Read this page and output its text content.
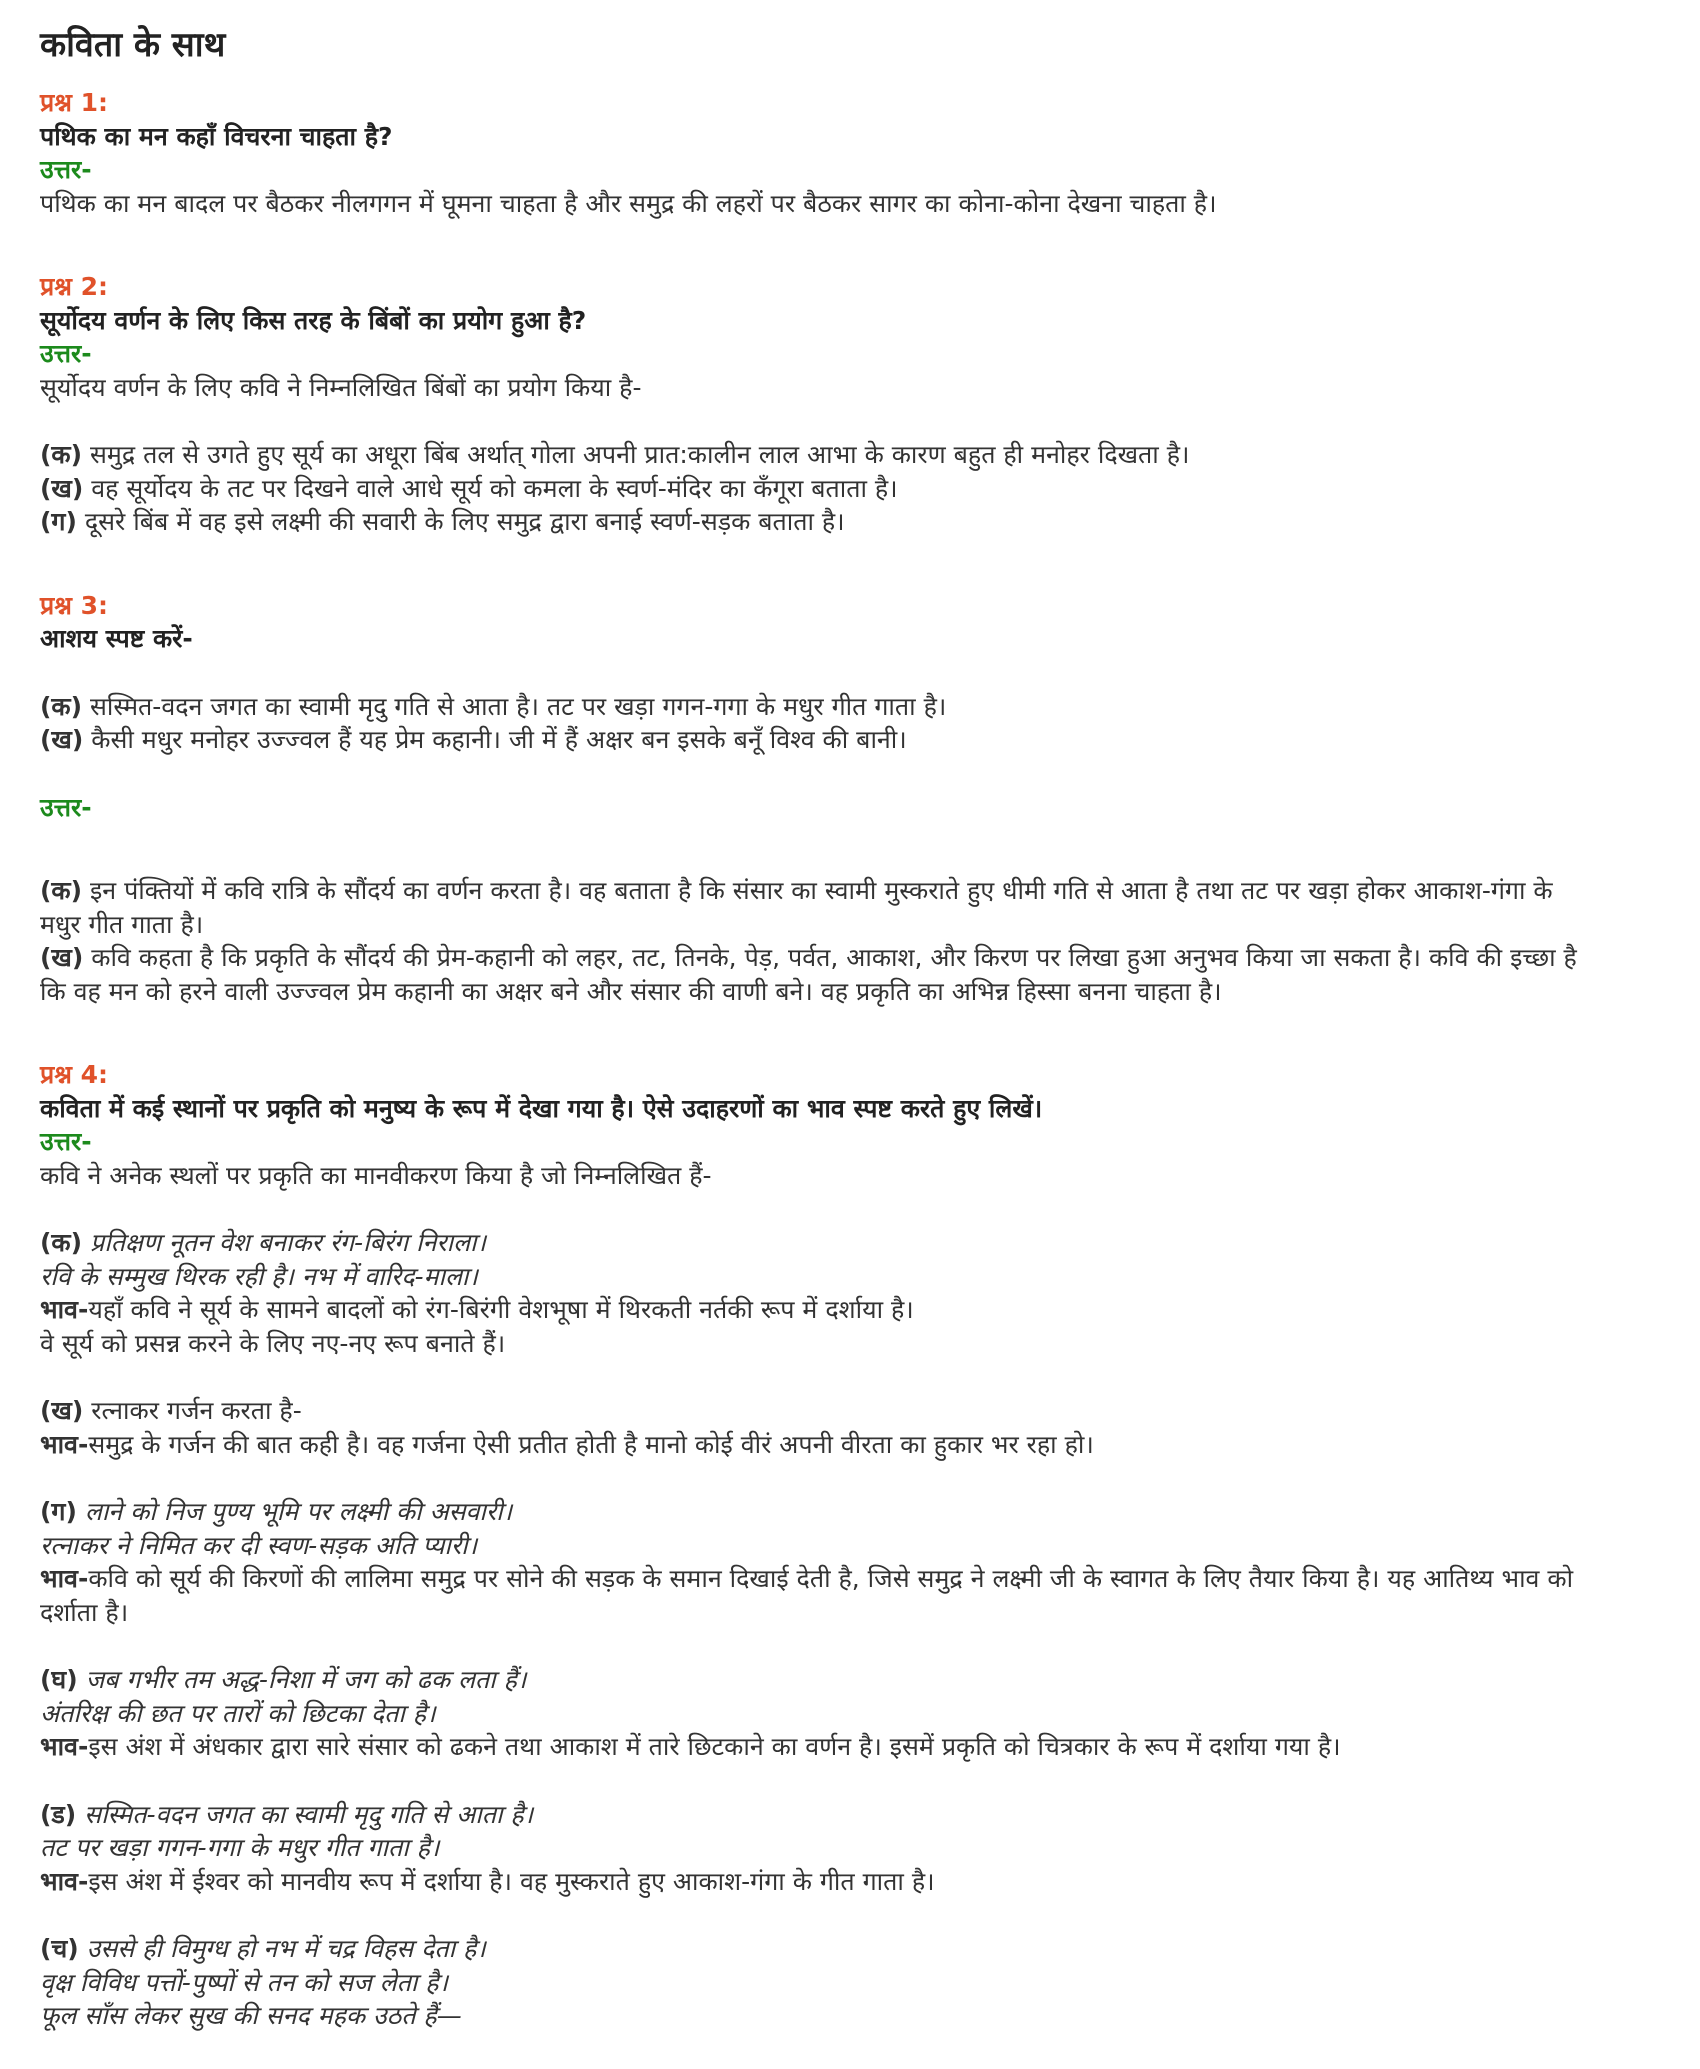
कविता के साथ
प्रश्न 1:
पथिक का मन कहाँ विचरना चाहता है?
उत्तर-
पथिक का मन बादल पर बैठकर नीलगगन में घूमना चाहता है और समुद्र की लहरों पर बैठकर सागर का कोना-कोना देखना चाहता है।
प्रश्न 2:
सूर्योदय वर्णन के लिए किस तरह के बिंबों का प्रयोग हुआ है?
उत्तर-
सूर्योदय वर्णन के लिए कवि ने निम्नलिखित बिंबों का प्रयोग किया है-
(क) समुद्र तल से उगते हुए सूर्य का अधूरा बिंब अर्थात् गोला अपनी प्रात:कालीन लाल आभा के कारण बहुत ही मनोहर दिखता है।
(ख) वह सूर्योदय के तट पर दिखने वाले आधे सूर्य को कमला के स्वर्ण-मंदिर का कँगूरा बताता है।
(ग) दूसरे बिंब में वह इसे लक्ष्मी की सवारी के लिए समुद्र द्वारा बनाई स्वर्ण-सड़क बताता है।
प्रश्न 3:
आशय स्पष्ट करें-
(क) सस्मित-वदन जगत का स्वामी मृदु गति से आता है। तट पर खड़ा गगन-गगा के मधुर गीत गाता है।
(ख) कैसी मधुर मनोहर उज्ज्वल हैं यह प्रेम कहानी। जी में हैं अक्षर बन इसके बनूँ विश्व की बानी।
उत्तर-
(क) इन पंक्तियों में कवि रात्रि के सौंदर्य का वर्णन करता है। वह बताता है कि संसार का स्वामी मुस्कराते हुए धीमी गति से आता है तथा तट पर खड़ा होकर आकाश-गंगा के
मधुर गीत गाता है।
(ख) कवि कहता है कि प्रकृति के सौंदर्य की प्रेम-कहानी को लहर, तट, तिनके, पेड़, पर्वत, आकाश, और किरण पर लिखा हुआ अनुभव किया जा सकता है। कवि की इच्छा है
कि वह मन को हरने वाली उज्ज्वल प्रेम कहानी का अक्षर बने और संसार की वाणी बने। वह प्रकृति का अभिन्न हिस्सा बनना चाहता है।
प्रश्न 4:
कविता में कई स्थानों पर प्रकृति को मनुष्य के रूप में देखा गया है। ऐसे उदाहरणों का भाव स्पष्ट करते हुए लिखें।
उत्तर-
कवि ने अनेक स्थलों पर प्रकृति का मानवीकरण किया है जो निम्नलिखित हैं-
(क) प्रतिक्षण नूतन वेश बनाकर रंग-बिरंग निराला।
रवि के सम्मुख थिरक रही है। नभ में वारिद-माला।
भाव-यहाँ कवि ने सूर्य के सामने बादलों को रंग-बिरंगी वेशभूषा में थिरकती नर्तकी रूप में दर्शाया है।
वे सूर्य को प्रसन्न करने के लिए नए-नए रूप बनाते हैं।
(ख) रत्नाकर गर्जन करता है-
भाव-समुद्र के गर्जन की बात कही है। वह गर्जना ऐसी प्रतीत होती है मानो कोई वीरं अपनी वीरता का हुकार भर रहा हो।
(ग) लाने को निज पुण्य भूमि पर लक्ष्मी की असवारी।
रत्नाकर ने निमित कर दी स्वण-सड़क अति प्यारी।
भाव-कवि को सूर्य की किरणों की लालिमा समुद्र पर सोने की सड़क के समान दिखाई देती है, जिसे समुद्र ने लक्ष्मी जी के स्वागत के लिए तैयार किया है। यह आतिथ्य भाव को
दर्शाता है।
(घ) जब गभीर तम अद्ध-निशा में जग को ढक लता हैं।
अंतरिक्ष की छत पर तारों को छिटका देता है।
भाव-इस अंश में अंधकार द्वारा सारे संसार को ढकने तथा आकाश में तारे छिटकाने का वर्णन है। इसमें प्रकृति को चित्रकार के रूप में दर्शाया गया है।
(ड) सस्मित-वदन जगत का स्वामी मृदु गति से आता है।
तट पर खड़ा गगन-गगा के मधुर गीत गाता है।
भाव-इस अंश में ईश्वर को मानवीय रूप में दर्शाया है। वह मुस्कराते हुए आकाश-गंगा के गीत गाता है।
(च) उससे ही विमुग्ध हो नभ में चद्र विहस देता है।
वृक्ष विविध पत्तों-पुष्पों से तन को सज लेता है।
फूल साँस लेकर सुख की सनद महक उठते हैं—
